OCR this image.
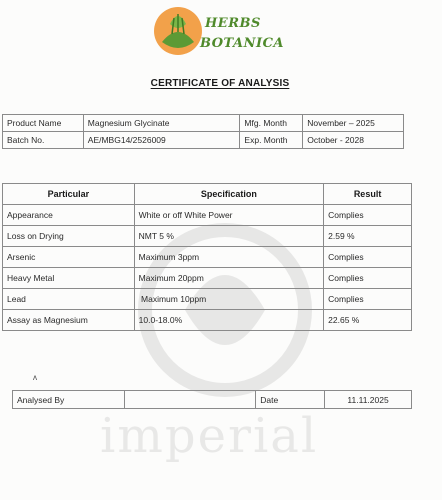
imperial
HERBS
BOTANICA
CERTIFICATE OF ANALYSIS
Product Name	Magnesium Glycinate	Mfg. Month	November – 2025
Batch No.	AE/MBG14/2526009	Exp. Month	October - 2028
Particular	Specification	Result
Appearance	White or off White Power	Complies
Loss on Drying	NMT 5 %	2.59 %
Arsenic	Maximum 3ppm	Complies
Heavy Metal	Maximum 20ppm	Complies
Lead	Maximum 10ppm	Complies
Assay as Magnesium	10.0-18.0%	22.65 %
ᴧ
Analysed By		Date	11.11.2025
